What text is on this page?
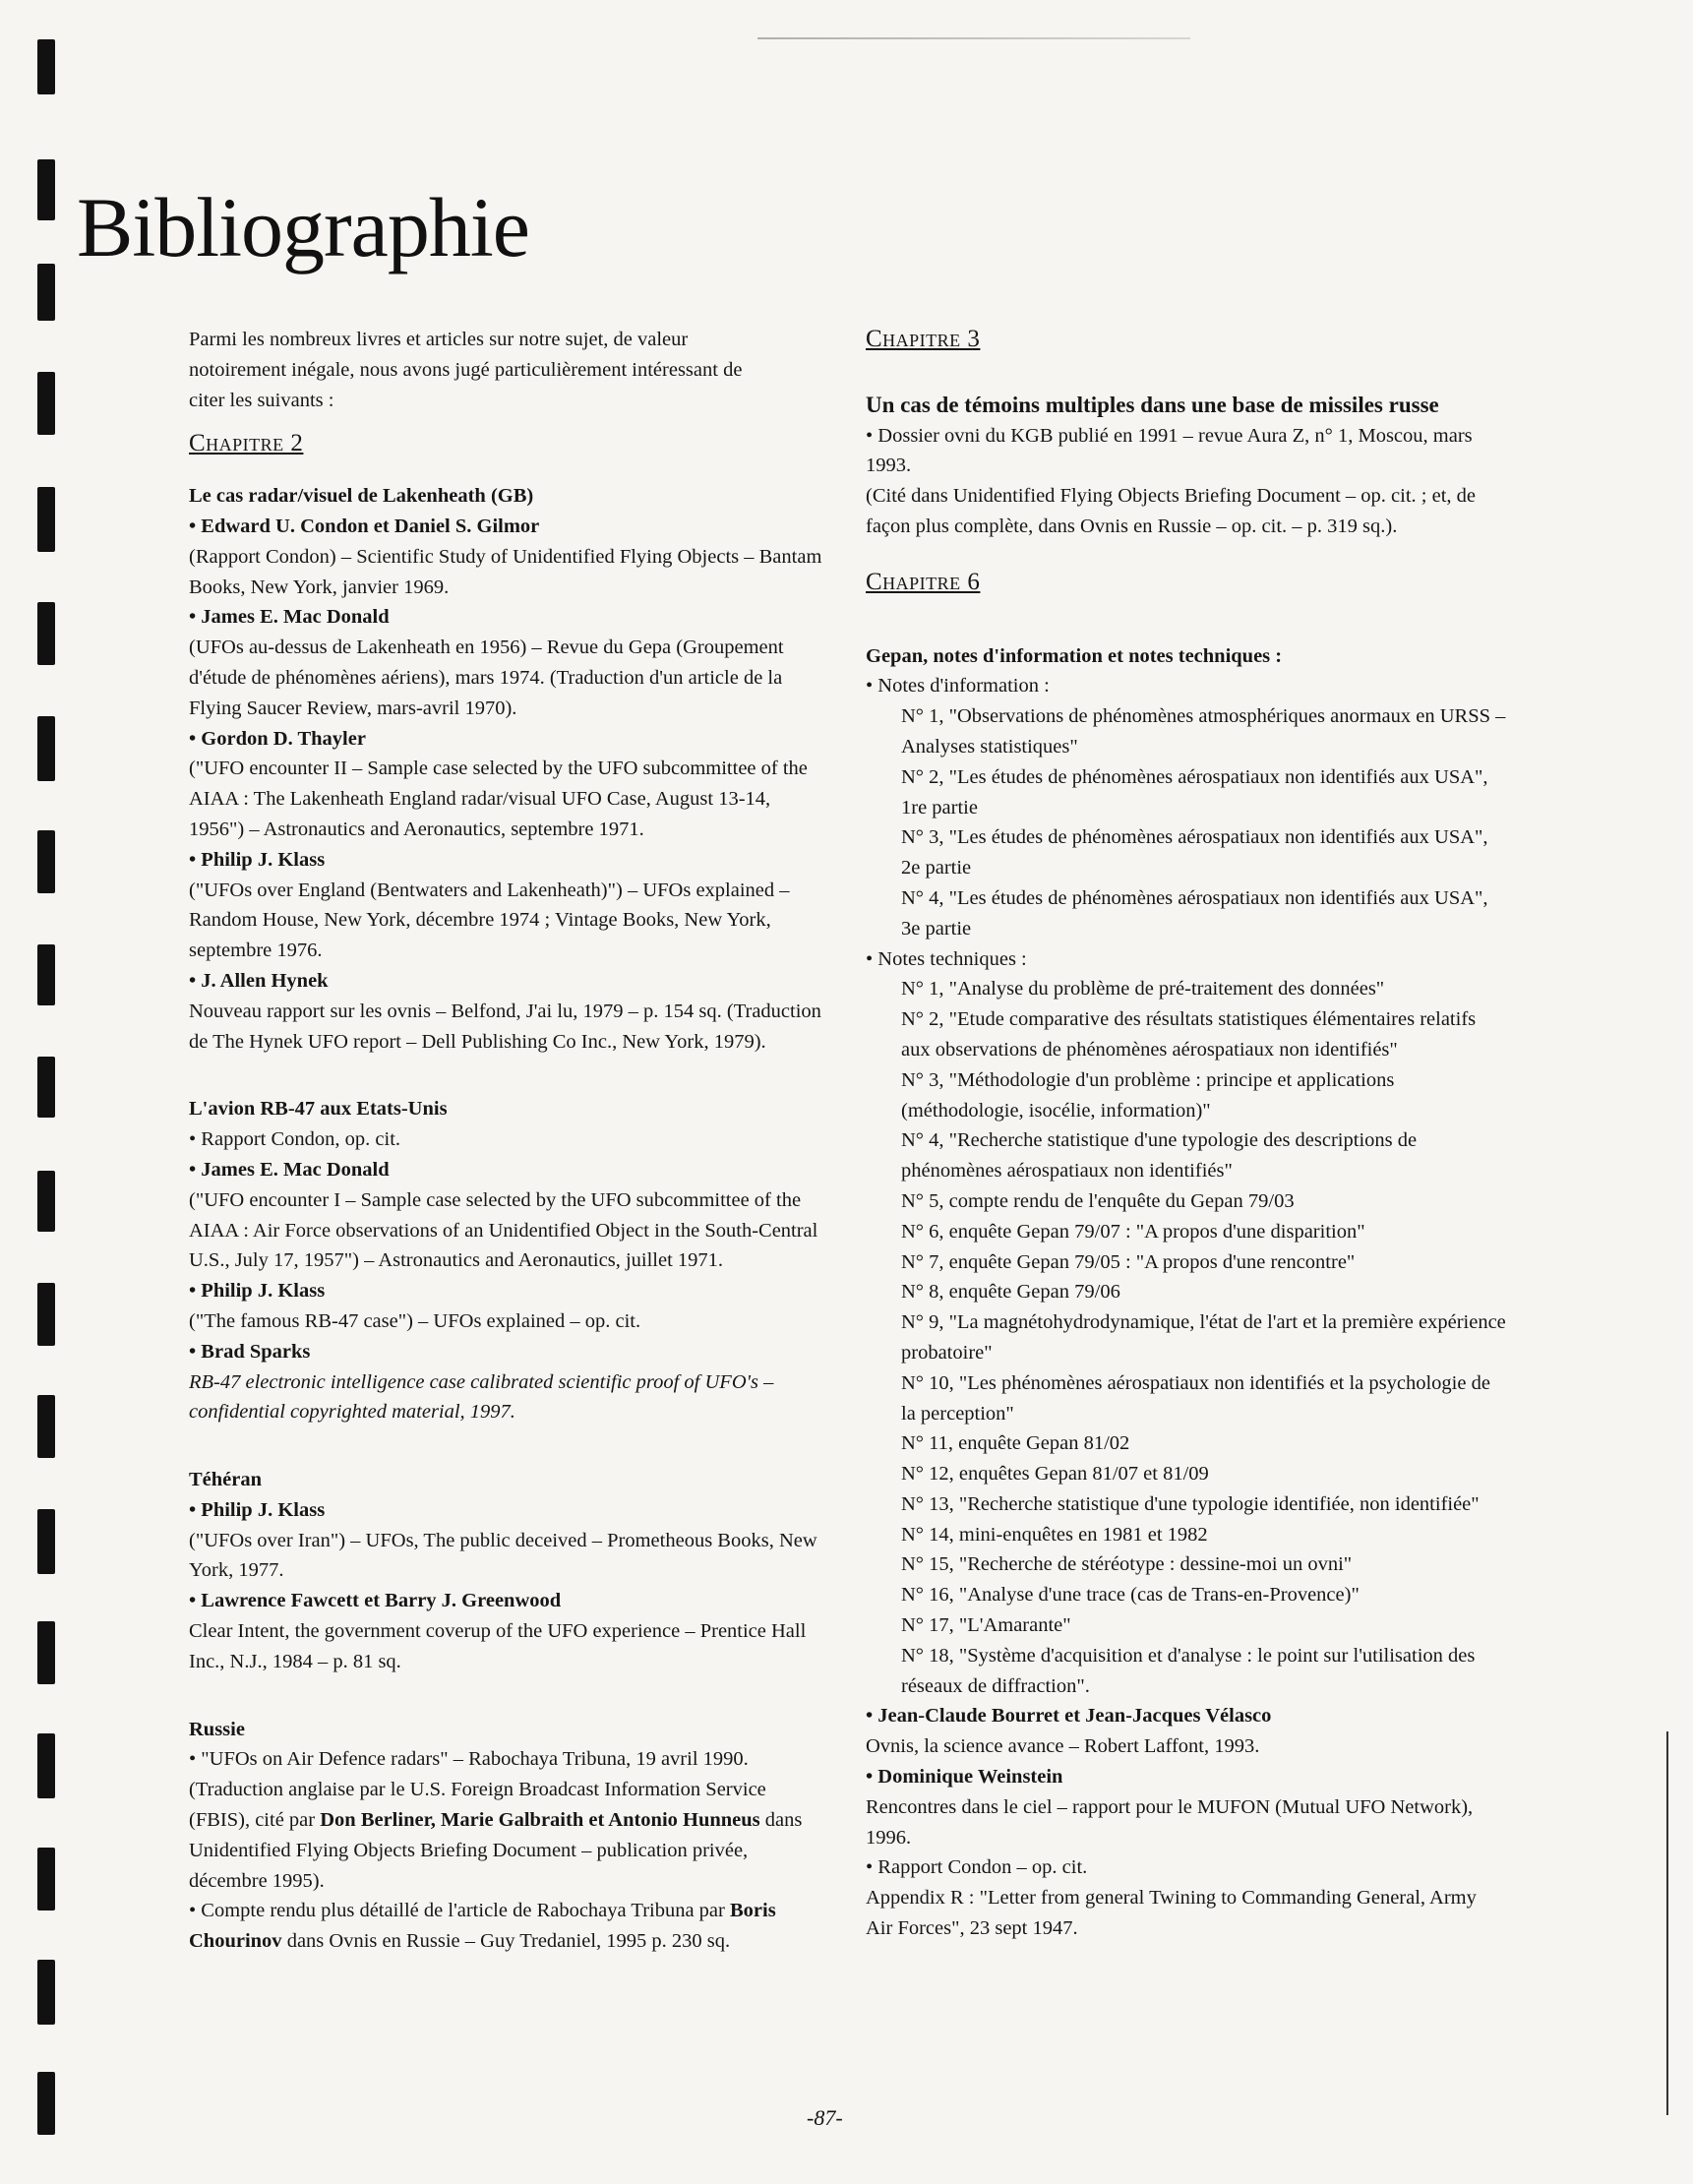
Bibliographie

Parmi les nombreux livres et articles sur notre sujet, de valeur notoirement inégale, nous avons jugé particulièrement intéressant de citer les suivants :

Chapitre 2

Le cas radar/visuel de Lakenheath (GB)

• Edward U. Condon et Daniel S. Gilmor

(Rapport Condon) – Scientific Study of Unidentified Flying Objects – Bantam Books, New York, janvier 1969.

• James E. Mac Donald

(UFOs au-dessus de Lakenheath en 1956) – Revue du Gepa (Groupement d'étude de phénomènes aériens), mars 1974. (Traduction d'un article de la Flying Saucer Review, mars-avril 1970).

• Gordon D. Thayler

("UFO encounter II – Sample case selected by the UFO subcommittee of the AIAA : The Lakenheath England radar/visual UFO Case, August 13-14, 1956") – Astronautics and Aeronautics, septembre 1971.

• Philip J. Klass

("UFOs over England (Bentwaters and Lakenheath)") – UFOs explained – Random House, New York, décembre 1974 ; Vintage Books, New York, septembre 1976.

• J. Allen Hynek

Nouveau rapport sur les ovnis – Belfond, J'ai lu, 1979 – p. 154 sq. (Traduction de The Hynek UFO report – Dell Publishing Co Inc., New York, 1979).

L'avion RB-47 aux Etats-Unis

• Rapport Condon, op. cit.

• James E. Mac Donald

("UFO encounter I – Sample case selected by the UFO subcommittee of the AIAA : Air Force observations of an Unidentified Object in the South-Central U.S., July 17, 1957") – Astronautics and Aeronautics, juillet 1971.

• Philip J. Klass

("The famous RB-47 case") – UFOs explained – op. cit.

• Brad Sparks

RB-47 electronic intelligence case calibrated scientific proof of UFO's – confidential copyrighted material, 1997.

Téhéran

• Philip J. Klass

("UFOs over Iran") – UFOs, The public deceived – Prometheous Books, New York, 1977.

• Lawrence Fawcett et Barry J. Greenwood

Clear Intent, the government coverup of the UFO experience – Prentice Hall Inc., N.J., 1984 – p. 81 sq.

Russie

• "UFOs on Air Defence radars" – Rabochaya Tribuna, 19 avril 1990. (Traduction anglaise par le U.S. Foreign Broadcast Information Service (FBIS), cité par Don Berliner, Marie Galbraith et Antonio Hunneus dans Unidentified Flying Objects Briefing Document – publication privée, décembre 1995).

• Compte rendu plus détaillé de l'article de Rabochaya Tribuna par Boris Chourinov dans Ovnis en Russie – Guy Tredaniel, 1995 p. 230 sq.

Chapitre 3

Un cas de témoins multiples dans une base de missiles russe

• Dossier ovni du KGB publié en 1991 – revue Aura Z, n° 1, Moscou, mars 1993.

(Cité dans Unidentified Flying Objects Briefing Document – op. cit. ; et, de façon plus complète, dans Ovnis en Russie – op. cit. – p. 319 sq.).

Chapitre 6

Gepan, notes d'information et notes techniques :

• Notes d'information :

N° 1, "Observations de phénomènes atmosphériques anormaux en URSS – Analyses statistiques"

N° 2, "Les études de phénomènes aérospatiaux non identifiés aux USA", 1re partie

N° 3, "Les études de phénomènes aérospatiaux non identifiés aux USA", 2e partie

N° 4, "Les études de phénomènes aérospatiaux non identifiés aux USA", 3e partie

• Notes techniques :

N° 1, "Analyse du problème de pré-traitement des données"

N° 2, "Etude comparative des résultats statistiques élémentaires relatifs aux observations de phénomènes aérospatiaux non identifiés"

N° 3, "Méthodologie d'un problème : principe et applications (méthodologie, isocélie, information)"

N° 4, "Recherche statistique d'une typologie des descriptions de phénomènes aérospatiaux non identifiés"

N° 5, compte rendu de l'enquête du Gepan 79/03

N° 6, enquête Gepan 79/07 : "A propos d'une disparition"

N° 7, enquête Gepan 79/05 : "A propos d'une rencontre"

N° 8, enquête Gepan 79/06

N° 9, "La magnétohydrodynamique, l'état de l'art et la première expérience probatoire"

N° 10, "Les phénomènes aérospatiaux non identifiés et la psychologie de la perception"

N° 11, enquête Gepan 81/02

N° 12, enquêtes Gepan 81/07 et 81/09

N° 13, "Recherche statistique d'une typologie identifiée, non identifiée"

N° 14, mini-enquêtes en 1981 et 1982

N° 15, "Recherche de stéréotype : dessine-moi un ovni"

N° 16, "Analyse d'une trace (cas de Trans-en-Provence)"

N° 17, "L'Amarante"

N° 18, "Système d'acquisition et d'analyse : le point sur l'utilisation des réseaux de diffraction".

• Jean-Claude Bourret et Jean-Jacques Vélasco

Ovnis, la science avance – Robert Laffont, 1993.

• Dominique Weinstein

Rencontres dans le ciel – rapport pour le MUFON (Mutual UFO Network), 1996.

• Rapport Condon – op. cit.

Appendix R : "Letter from general Twining to Commanding General, Army Air Forces", 23 sept 1947.

-87-
